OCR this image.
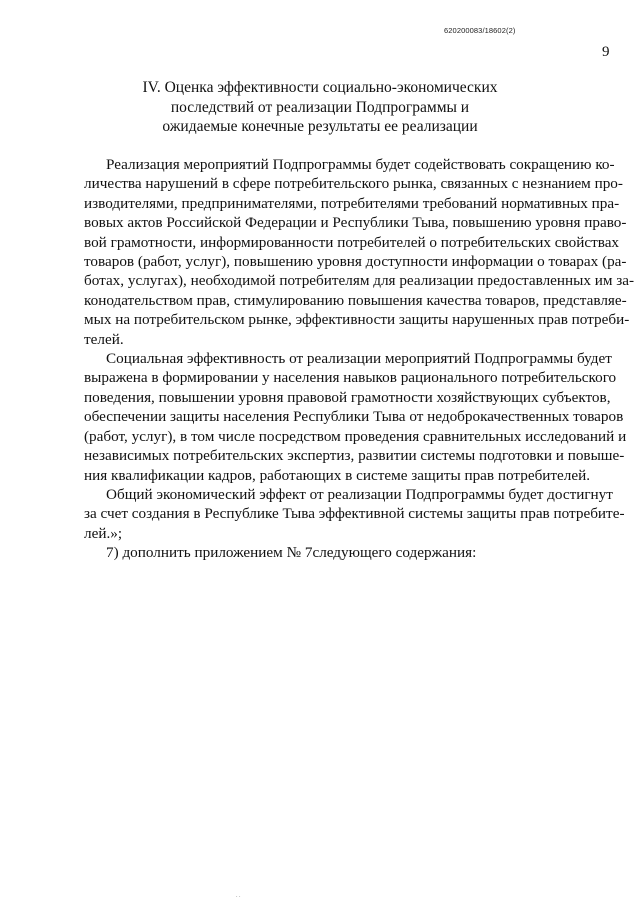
620200083/18602(2)
9
IV. Оценка эффективности социально-экономических
последствий от реализации Подпрограммы и
ожидаемые конечные результаты ее реализации
Реализация мероприятий Подпрограммы будет содействовать сокращению ко-
личества нарушений в сфере потребительского рынка, связанных с незнанием про-
изводителями, предпринимателями, потребителями требований нормативных пра-
вовых актов Российской Федерации и Республики Тыва, повышению уровня право-
вой грамотности, информированности потребителей о потребительских свойствах
товаров (работ, услуг), повышению уровня доступности информации о товарах (ра-
ботах, услугах), необходимой потребителям для реализации предоставленных им за-
конодательством прав, стимулированию повышения качества товаров, представляе-
мых на потребительском рынке, эффективности защиты нарушенных прав потреби-
телей.
Социальная эффективность от реализации мероприятий Подпрограммы будет
выражена в формировании у населения навыков рационального потребительского
поведения, повышении уровня правовой грамотности хозяйствующих субъектов,
обеспечении защиты населения Республики Тыва от недоброкачественных товаров
(работ, услуг), в том числе посредством проведения сравнительных исследований и
независимых потребительских экспертиз, развитии системы подготовки и повыше-
ния квалификации кадров, работающих в системе защиты прав потребителей.
Общий экономический эффект от реализации Подпрограммы будет достигнут
за счет создания в Республике Тыва эффективной системы защиты прав потребите-
лей.»;
7) дополнить приложением № 7следующего содержания:
. .
